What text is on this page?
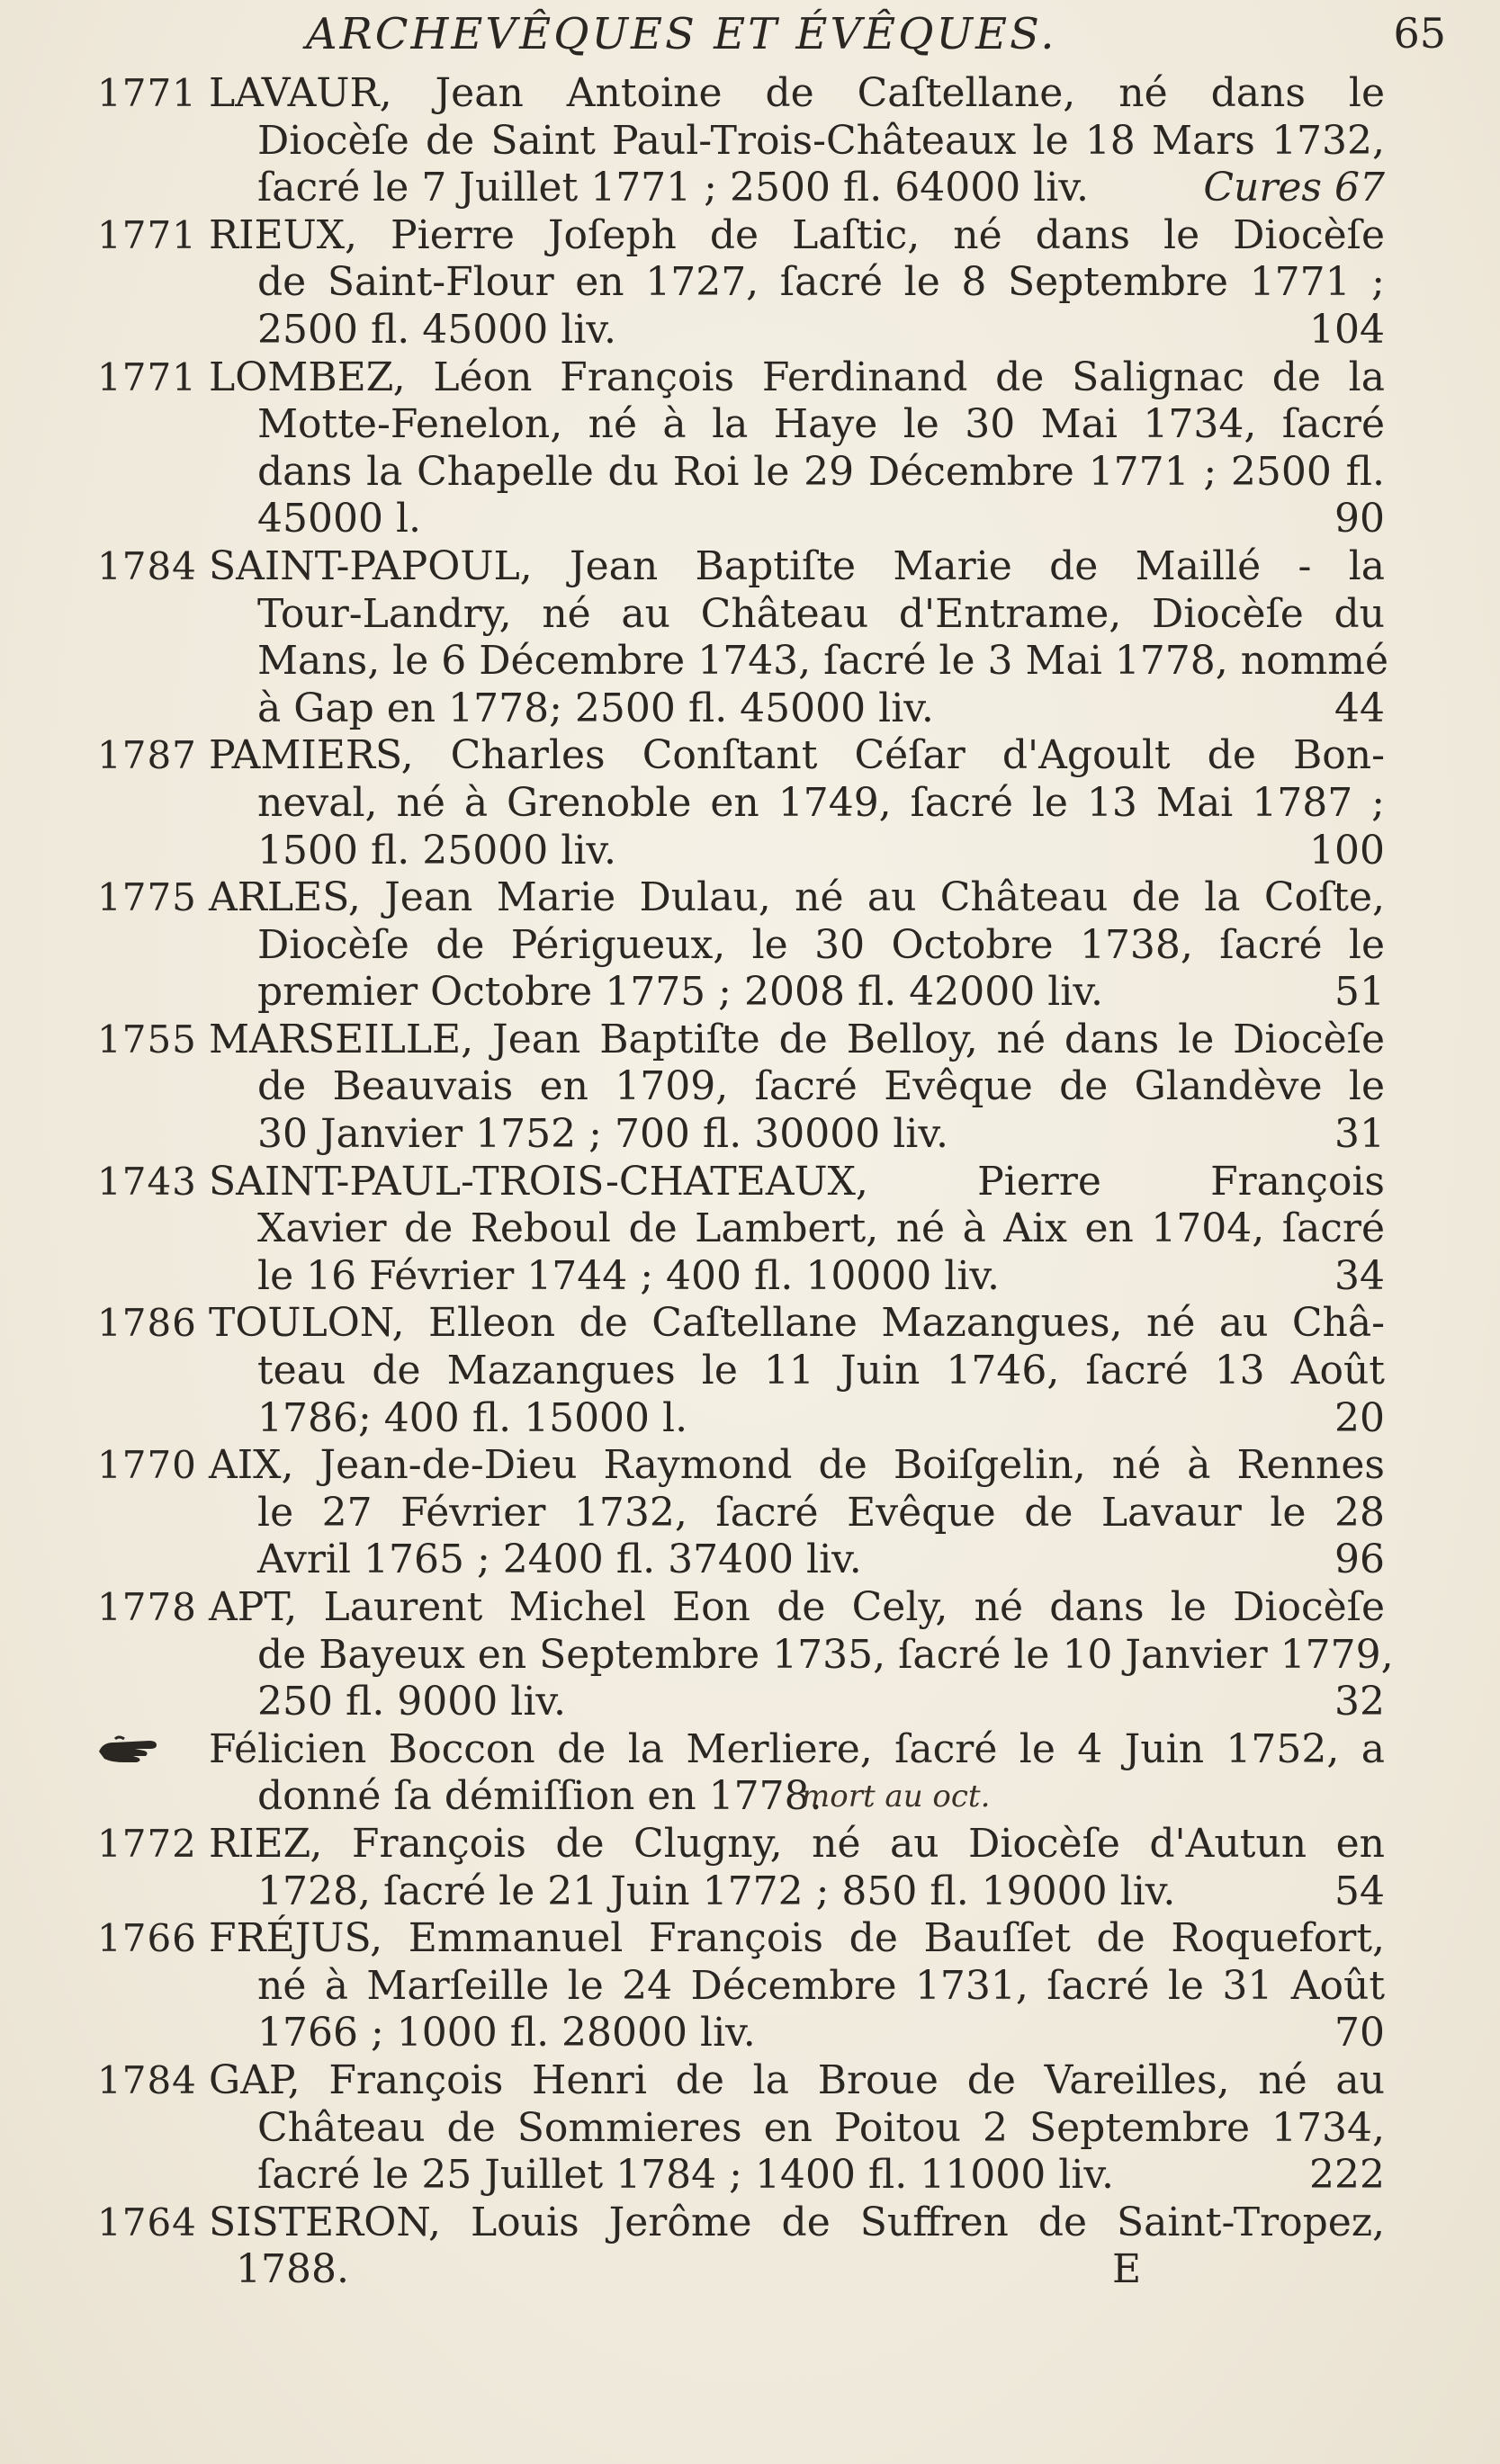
ARCHEVÊQUES ET ÉVÊQUES.	65
1771 LAVAUR, Jean Antoine de Caſtellane, né dans le
Diocèſe de Saint Paul-Trois-Châteaux le 18 Mars 1732,
ſacré le 7 Juillet 1771 ; 2500 fl. 64000 liv.	Cures 67
1771 RIEUX, Pierre Joſeph de Laſtic, né dans le Diocèſe
de Saint-Flour en 1727, ſacré le 8 Septembre 1771 ;
2500 fl. 45000 liv.	104
1771 LOMBEZ, Léon François Ferdinand de Salignac de la
Motte-Fenelon, né à la Haye le 30 Mai 1734, ſacré
dans la Chapelle du Roi le 29 Décembre 1771 ; 2500 fl.
45000 l.	90
1784 SAINT-PAPOUL, Jean Baptiſte Marie de Maillé - la
Tour-Landry, né au Château d'Entrame, Diocèſe du
Mans, le 6 Décembre 1743, ſacré le 3 Mai 1778, nommé
à Gap en 1778; 2500 fl. 45000 liv.	44
1787 PAMIERS, Charles Conſtant Céſar d'Agoult de Bon-
neval, né à Grenoble en 1749, ſacré le 13 Mai 1787 ;
1500 fl. 25000 liv.	100
1775 ARLES, Jean Marie Dulau, né au Château de la Coſte,
Diocèſe de Périgueux, le 30 Octobre 1738, ſacré le
premier Octobre 1775 ; 2008 fl. 42000 liv.	51
1755 MARSEILLE, Jean Baptiſte de Belloy, né dans le Diocèſe
de Beauvais en 1709, ſacré Evêque de Glandève le
30 Janvier 1752 ; 700 fl. 30000 liv.	31
1743 SAINT-PAUL-TROIS-CHATEAUX, Pierre François
Xavier de Reboul de Lambert, né à Aix en 1704, ſacré
le 16 Février 1744 ; 400 fl. 10000 liv.	34
1786 TOULON, Elleon de Caſtellane Mazangues, né au Châ-
teau de Mazangues le 11 Juin 1746, ſacré 13 Août
1786; 400 fl. 15000 l.	20
1770 AIX, Jean-de-Dieu Raymond de Boiſgelin, né à Rennes
le 27 Février 1732, ſacré Evêque de Lavaur le 28
Avril 1765 ; 2400 fl. 37400 liv.	96
1778 APT, Laurent Michel Eon de Cely, né dans le Diocèſe
de Bayeux en Septembre 1735, ſacré le 10 Janvier 1779,
250 fl. 9000 liv.	32
Félicien Boccon de la Merliere, ſacré le 4 Juin 1752, a
donné ſa démiſſion en 1778.
mort au oct.
1772 RIEZ, François de Clugny, né au Diocèſe d'Autun en
1728, ſacré le 21 Juin 1772 ; 850 fl. 19000 liv.	54
1766 FRÉJUS, Emmanuel François de Bauſſet de Roquefort,
né à Marſeille le 24 Décembre 1731, ſacré le 31 Août
1766 ; 1000 fl. 28000 liv.	70
1784 GAP, François Henri de la Broue de Vareilles, né au
Château de Sommieres en Poitou 2 Septembre 1734,
ſacré le 25 Juillet 1784 ; 1400 fl. 11000 liv.	222
1764 SISTERON, Louis Jerôme de Suffren de Saint-Tropez,
1788.	E
